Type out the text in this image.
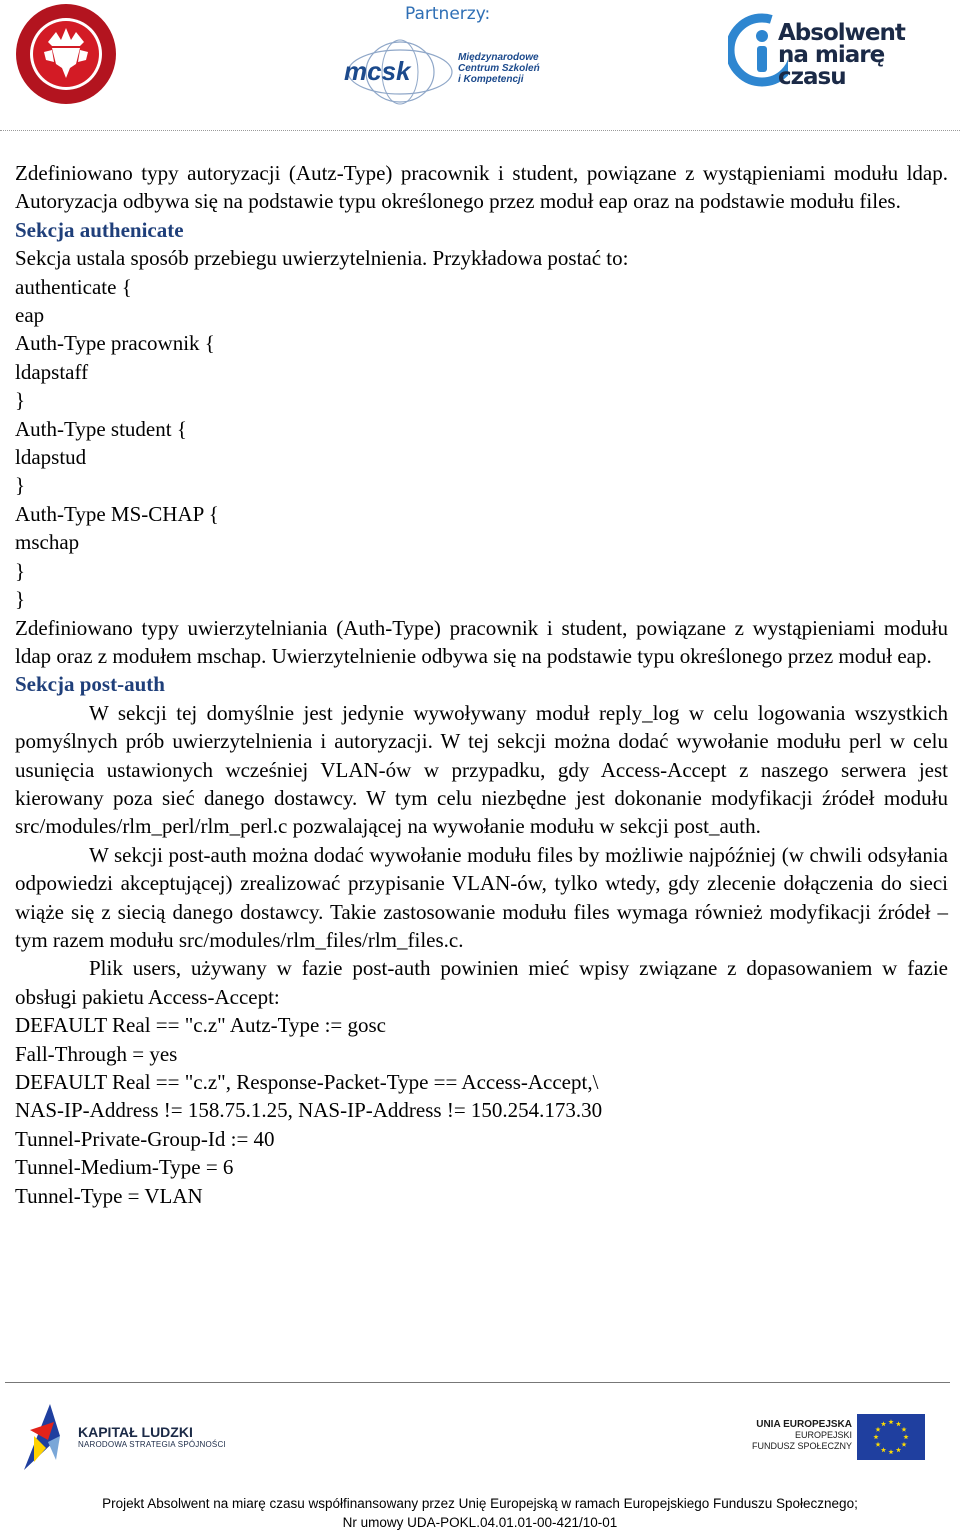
Partnerzy:
mcsk	Międzynarodowe
Centrum Szkoleń
i Kompetencji
Absolwent
na miarę
czasu

Zdefiniowano typy autoryzacji (Autz-Type) pracownik i student, powiązane z wystąpieniami modułu ldap. Autoryzacja odbywa się na podstawie typu określonego przez moduł eap oraz na podstawie modułu files.

Sekcja authenicate

Sekcja ustala sposób przebiegu uwierzytelnienia. Przykładowa postać to:

authenticate {

eap

Auth-Type pracownik {

ldapstaff

}

Auth-Type student {

ldapstud

}

Auth-Type MS-CHAP {

mschap

}

}

Zdefiniowano typy uwierzytelniania (Auth-Type) pracownik i student, powiązane z wystąpieniami modułu ldap oraz z modułem mschap. Uwierzytelnienie odbywa się na podstawie typu określonego przez moduł eap.

Sekcja post-auth

W sekcji tej domyślnie jest jedynie wywoływany moduł reply_log w celu logowania wszystkich pomyślnych prób uwierzytelnienia i autoryzacji. W tej sekcji można dodać wywołanie modułu perl w celu usunięcia ustawionych wcześniej VLAN-ów w przypadku, gdy Access-Accept z naszego serwera jest kierowany poza sieć danego dostawcy. W tym celu niezbędne jest dokonanie modyfikacji źródeł modułu src/modules/rlm_perl/rlm_perl.c pozwalającej na wywołanie modułu w sekcji post_auth.

W sekcji post-auth można dodać wywołanie modułu files by możliwie najpóźniej (w chwili odsyłania odpowiedzi akceptującej) zrealizować przypisanie VLAN-ów, tylko wtedy, gdy zlecenie dołączenia do sieci wiąże się z siecią danego dostawcy. Takie zastosowanie modułu files wymaga również modyfikacji źródeł – tym razem modułu src/modules/rlm_files/rlm_files.c.

Plik users, używany w fazie post-auth powinien mieć wpisy związane z dopasowaniem w fazie obsługi pakietu Access-Accept:

DEFAULT Real == "c.z" Autz-Type := gosc

Fall-Through = yes

DEFAULT Real == "c.z", Response-Packet-Type == Access-Accept,\

NAS-IP-Address != 158.75.1.25, NAS-IP-Address != 150.254.173.30

Tunnel-Private-Group-Id := 40

Tunnel-Medium-Type = 6

Tunnel-Type = VLAN

KAPITAŁ LUDZKI
NARODOWA STRATEGIA SPÓJNOŚCI
UNIA EUROPEJSKA
EUROPEJSKI
FUNDUSZ SPOŁECZNY
Projekt Absolwent na miarę czasu współfinansowany przez Unię Europejską w ramach Europejskiego Funduszu Społecznego;
Nr umowy UDA-POKL.04.01.01-00-421/10-01
